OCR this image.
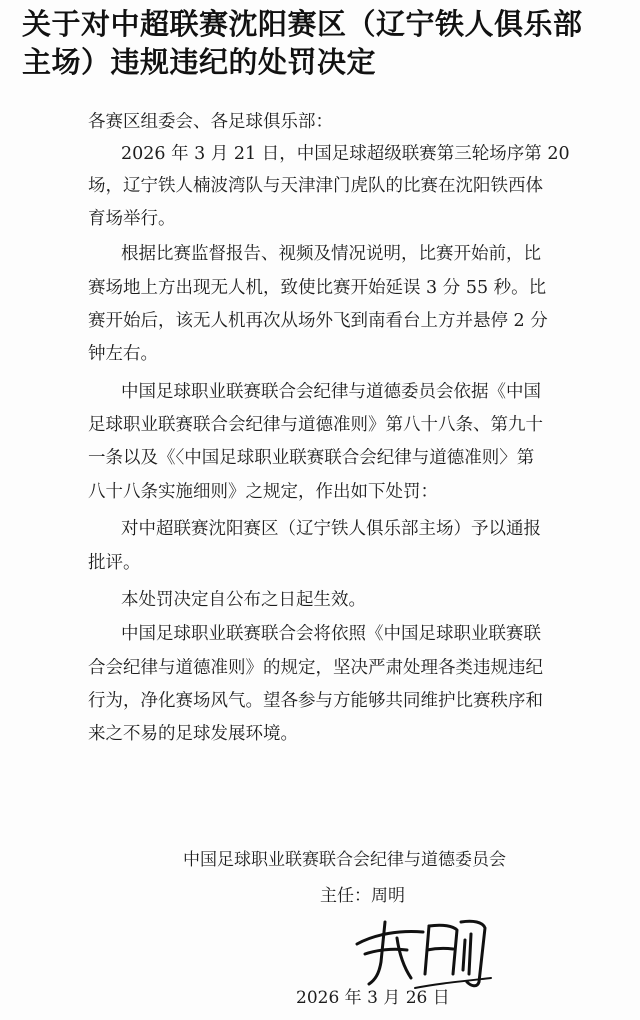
关于对中超联赛沈阳赛区（辽宁铁人俱乐部
主场）违规违纪的处罚决定
各赛区组委会、各足球俱乐部：
2026 年 3 月 21 日，中国足球超级联赛第三轮场序第 20
场，辽宁铁人楠波湾队与天津津门虎队的比赛在沈阳铁西体
育场举行。
根据比赛监督报告、视频及情况说明，比赛开始前，比
赛场地上方出现无人机，致使比赛开始延误 3 分 55 秒。比
赛开始后，该无人机再次从场外飞到南看台上方并悬停 2 分
钟左右。
中国足球职业联赛联合会纪律与道德委员会依据《中国
足球职业联赛联合会纪律与道德准则》第八十八条、第九十
一条以及《〈中国足球职业联赛联合会纪律与道德准则〉第
八十八条实施细则》之规定，作出如下处罚：
对中超联赛沈阳赛区（辽宁铁人俱乐部主场）予以通报
批评。
本处罚决定自公布之日起生效。
中国足球职业联赛联合会将依照《中国足球职业联赛联
合会纪律与道德准则》的规定，坚决严肃处理各类违规违纪
行为，净化赛场风气。望各参与方能够共同维护比赛秩序和
来之不易的足球发展环境。
中国足球职业联赛联合会纪律与道德委员会
主任：周明
2026 年 3 月 26 日
